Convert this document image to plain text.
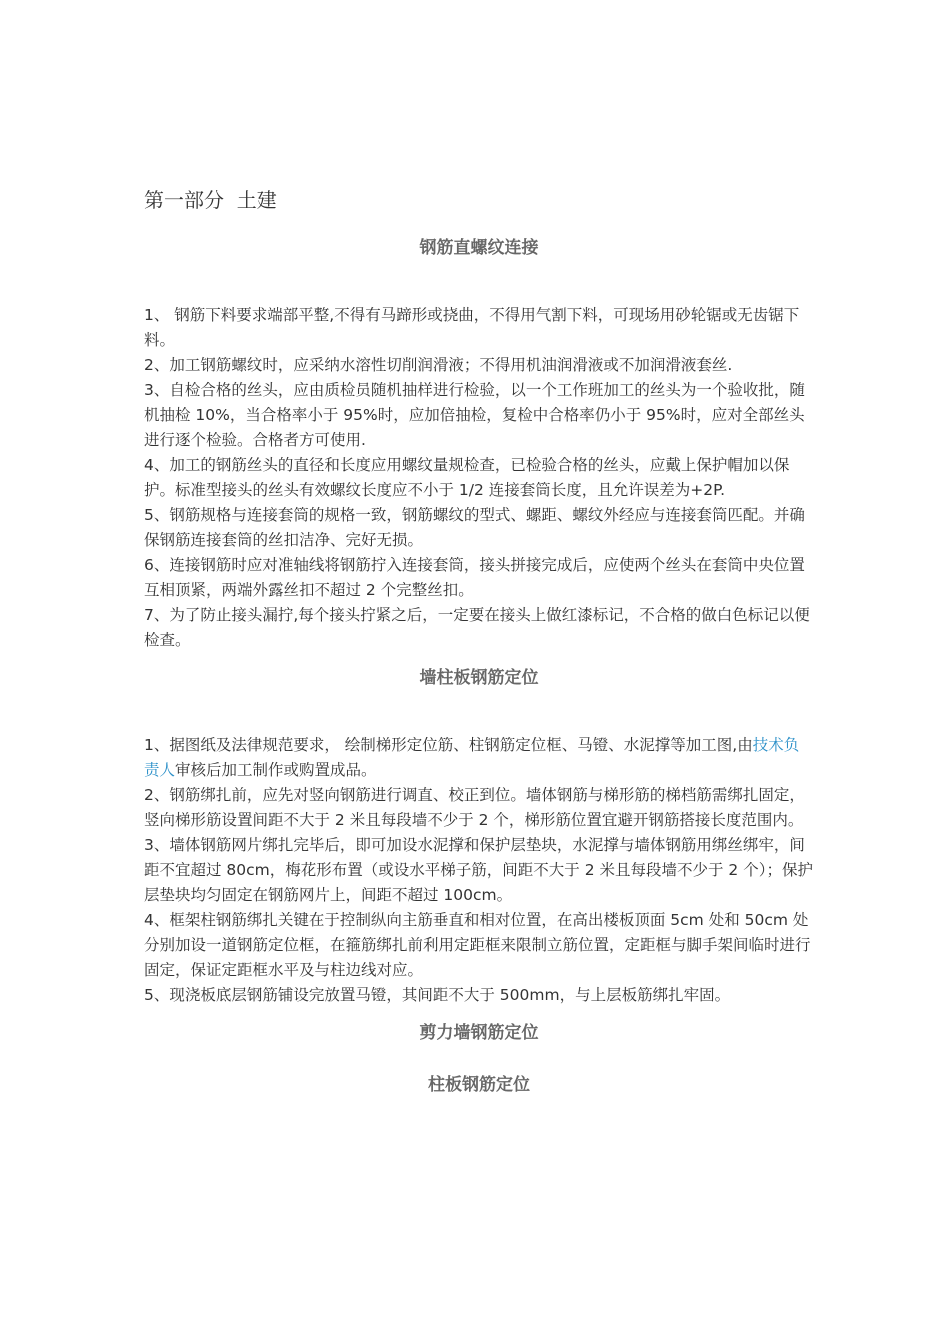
第一部分  土建

钢筋直螺纹连接

1、 钢筋下料要求端部平整,不得有马蹄形或挠曲，不得用气割下料，可现场用砂轮锯或无齿锯下料。
2、加工钢筋螺纹时，应采纳水溶性切削润滑液；不得用机油润滑液或不加润滑液套丝.
3、自检合格的丝头，应由质检员随机抽样进行检验，以一个工作班加工的丝头为一个验收批，随机抽检 10%，当合格率小于 95%时，应加倍抽检，复检中合格率仍小于 95%时，应对全部丝头进行逐个检验。合格者方可使用.
4、加工的钢筋丝头的直径和长度应用螺纹量规检查，已检验合格的丝头，应戴上保护帽加以保护。标准型接头的丝头有效螺纹长度应不小于 1/2 连接套筒长度，且允许误差为+2P.
5、钢筋规格与连接套筒的规格一致，钢筋螺纹的型式、螺距、螺纹外经应与连接套筒匹配。并确保钢筋连接套筒的丝扣洁净、完好无损。
6、连接钢筋时应对准轴线将钢筋拧入连接套筒，接头拼接完成后，应使两个丝头在套筒中央位置互相顶紧，两端外露丝扣不超过 2 个完整丝扣。
7、为了防止接头漏拧,每个接头拧紧之后，一定要在接头上做红漆标记，不合格的做白色标记以便检查。

墙柱板钢筋定位

1、据图纸及法律规范要求， 绘制梯形定位筋、柱钢筋定位框、马镫、水泥撑等加工图,由技术负责人审核后加工制作或购置成品。
2、钢筋绑扎前，应先对竖向钢筋进行调直、校正到位。墙体钢筋与梯形筋的梯档筋需绑扎固定，竖向梯形筋设置间距不大于 2 米且每段墙不少于 2 个，梯形筋位置宜避开钢筋搭接长度范围内。
3、墙体钢筋网片绑扎完毕后，即可加设水泥撑和保护层垫块，水泥撑与墙体钢筋用绑丝绑牢，间距不宜超过 80cm，梅花形布置（或设水平梯子筋，间距不大于 2 米且每段墙不少于 2 个）；保护层垫块均匀固定在钢筋网片上，间距不超过 100cm。
4、框架柱钢筋绑扎关键在于控制纵向主筋垂直和相对位置，在高出楼板顶面 5cm 处和 50cm 处分别加设一道钢筋定位框，在箍筋绑扎前利用定距框来限制立筋位置，定距框与脚手架间临时进行固定，保证定距框水平及与柱边线对应。
5、现浇板底层钢筋铺设完放置马镫，其间距不大于 500mm，与上层板筋绑扎牢固。

剪力墙钢筋定位

柱板钢筋定位
